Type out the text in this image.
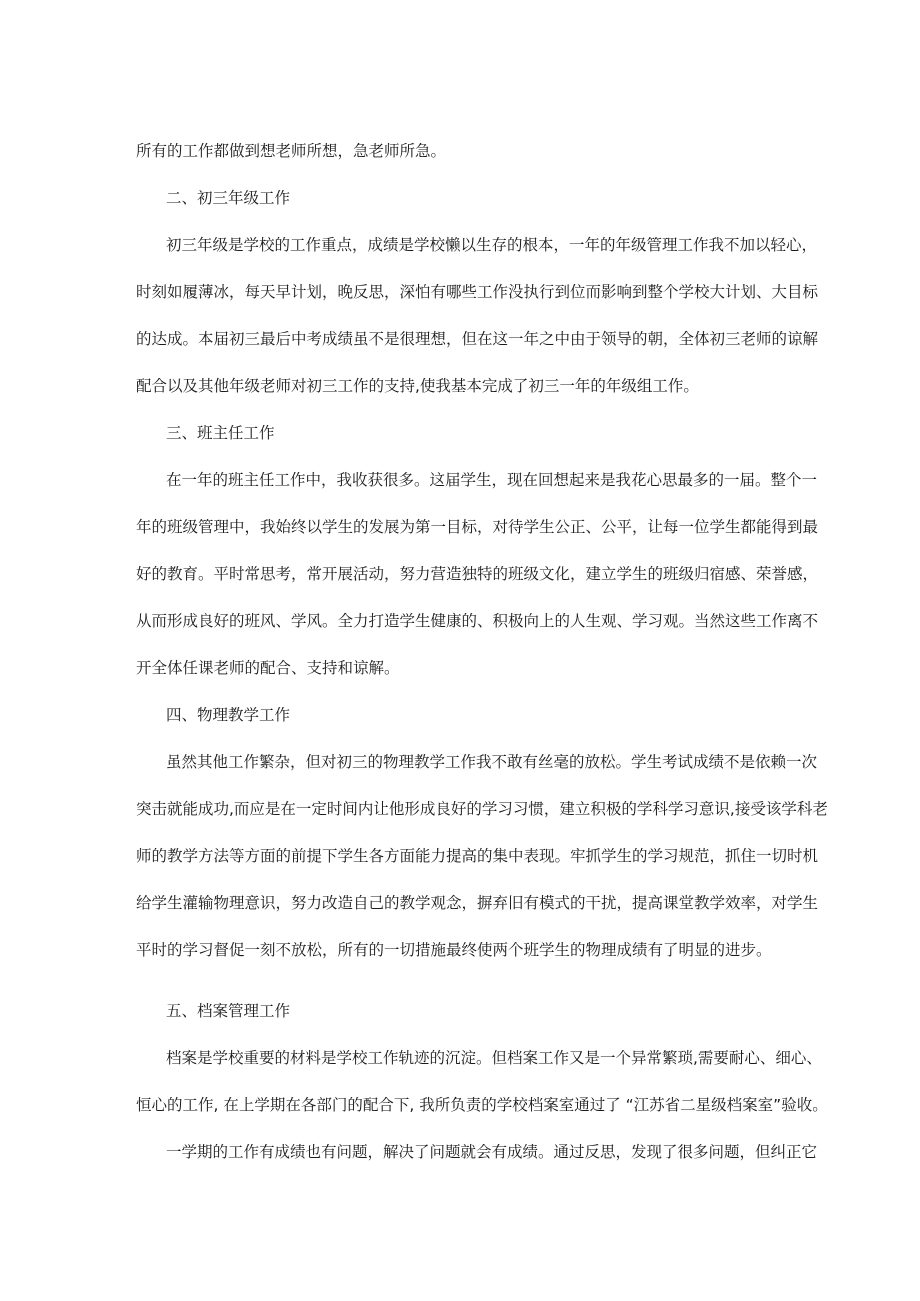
所有的工作都做到想老师所想，急老师所急。
二、初三年级工作
初三年级是学校的工作重点，成绩是学校懒以生存的根本，一年的年级管理工作我不加以轻心，
时刻如履薄冰，每天早计划，晚反思，深怕有哪些工作没执行到位而影响到整个学校大计划、大目标
的达成。本届初三最后中考成绩虽不是很理想，但在这一年之中由于领导的朝，全体初三老师的谅解
配合以及其他年级老师对初三工作的支持,使我基本完成了初三一年的年级组工作。
三、班主任工作
在一年的班主任工作中，我收获很多。这届学生，现在回想起来是我花心思最多的一届。整个一
年的班级管理中，我始终以学生的发展为第一目标，对待学生公正、公平，让每一位学生都能得到最
好的教育。平时常思考，常开展活动，努力营造独特的班级文化，建立学生的班级归宿感、荣誉感，
从而形成良好的班风、学风。全力打造学生健康的、积极向上的人生观、学习观。当然这些工作离不
开全体任课老师的配合、支持和谅解。
四、物理教学工作
虽然其他工作繁杂，但对初三的物理教学工作我不敢有丝毫的放松。学生考试成绩不是依赖一次
突击就能成功,而应是在一定时间内让他形成良好的学习习惯，建立积极的学科学习意识,接受该学科老
师的教学方法等方面的前提下学生各方面能力提高的集中表现。牢抓学生的学习规范，抓住一切时机
给学生灌输物理意识，努力改造自己的教学观念，摒弃旧有模式的干扰，提高课堂教学效率，对学生
平时的学习督促一刻不放松，所有的一切措施最终使两个班学生的物理成绩有了明显的进步。
五、档案管理工作
档案是学校重要的材料是学校工作轨迹的沉淀。但档案工作又是一个异常繁琐,需要耐心、细心、
恒心的工作, 在上学期在各部门的配合下, 我所负责的学校档案室通过了 “江苏省二星级档案室”验收。
一学期的工作有成绩也有问题，解决了问题就会有成绩。通过反思，发现了很多问题，但纠正它
